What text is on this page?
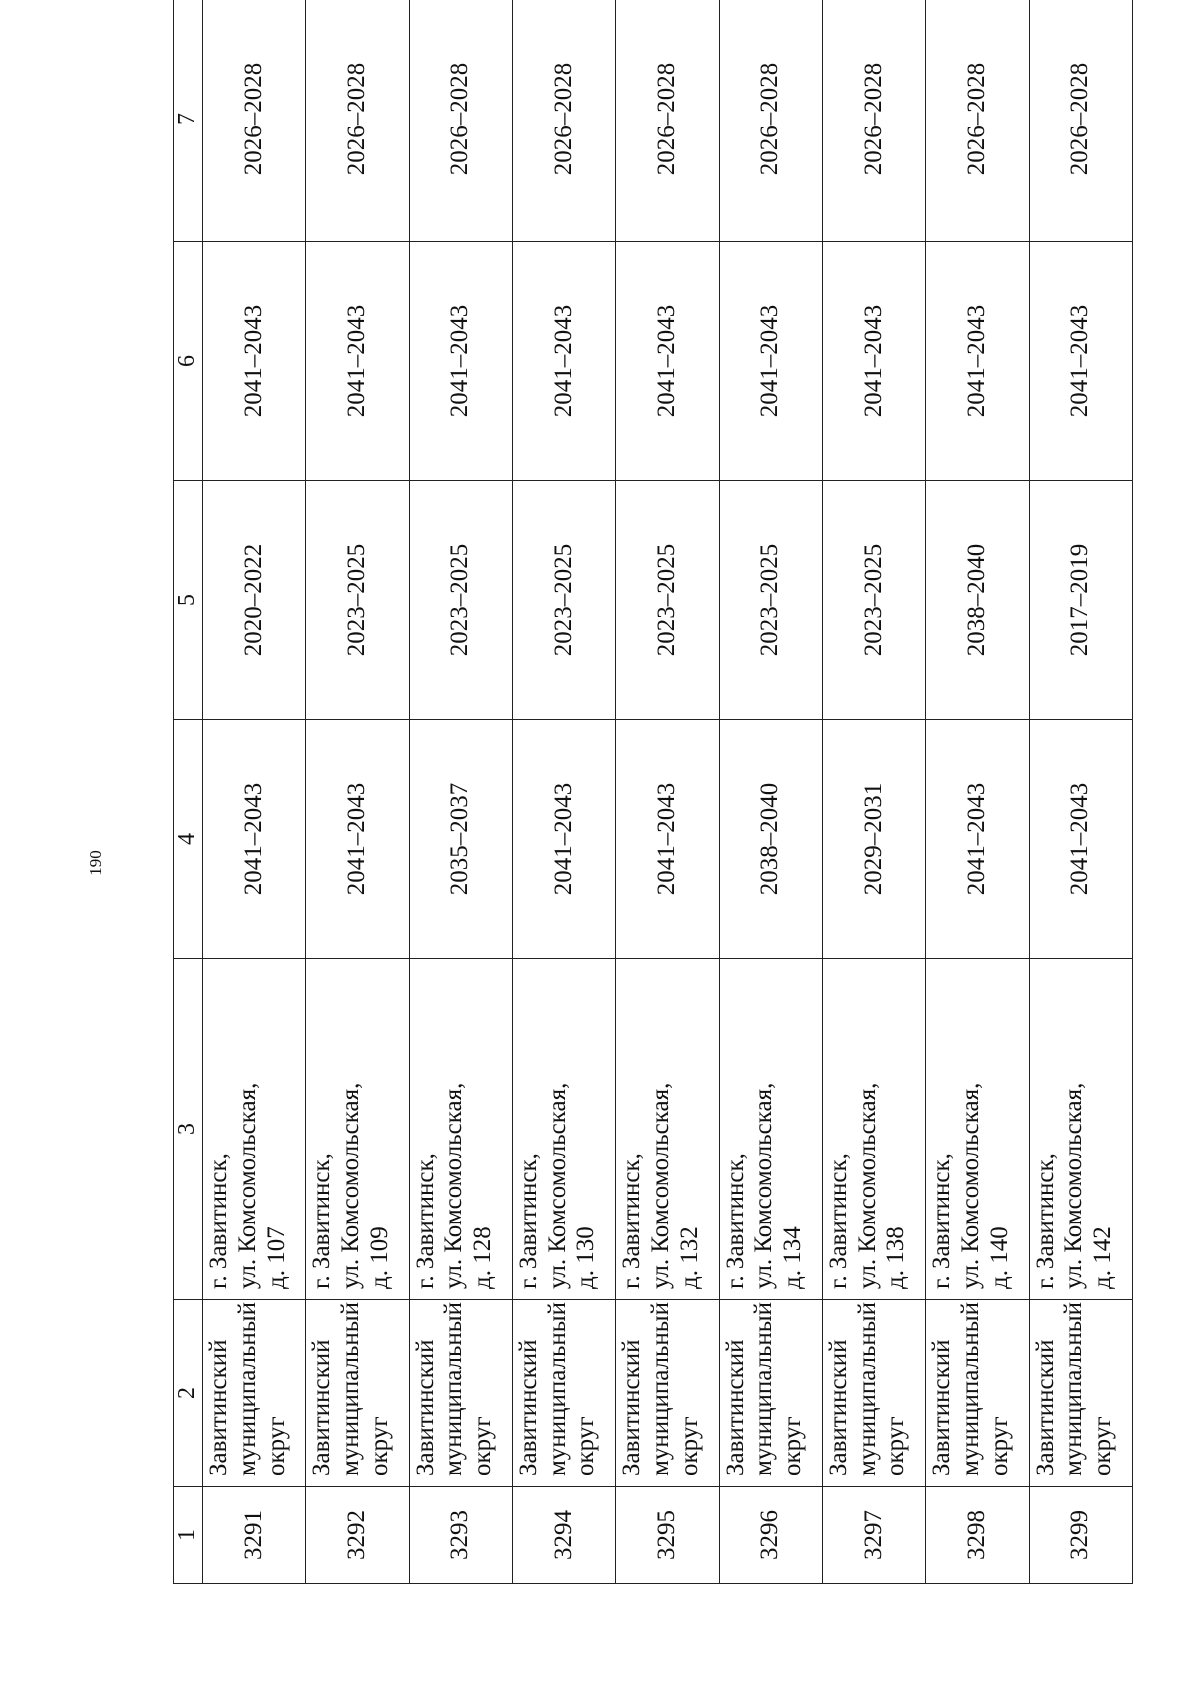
190
1	2	3	4	5	6	7
3291	Завитинский муниципальный округ	г. Завитинск, ул. Комсомольская, д. 107	2041–2043	2020–2022	2041–2043	2026–2028
3292	Завитинский муниципальный округ	г. Завитинск, ул. Комсомольская, д. 109	2041–2043	2023–2025	2041–2043	2026–2028
3293	Завитинский муниципальный округ	г. Завитинск, ул. Комсомольская, д. 128	2035–2037	2023–2025	2041–2043	2026–2028
3294	Завитинский муниципальный округ	г. Завитинск, ул. Комсомольская, д. 130	2041–2043	2023–2025	2041–2043	2026–2028
3295	Завитинский муниципальный округ	г. Завитинск, ул. Комсомольская, д. 132	2041–2043	2023–2025	2041–2043	2026–2028
3296	Завитинский муниципальный округ	г. Завитинск, ул. Комсомольская, д. 134	2038–2040	2023–2025	2041–2043	2026–2028
3297	Завитинский муниципальный округ	г. Завитинск, ул. Комсомольская, д. 138	2029–2031	2023–2025	2041–2043	2026–2028
3298	Завитинский муниципальный округ	г. Завитинск, ул. Комсомольская, д. 140	2041–2043	2038–2040	2041–2043	2026–2028
3299	Завитинский муниципальный округ	г. Завитинск, ул. Комсомольская, д. 142	2041–2043	2017–2019	2041–2043	2026–2028
